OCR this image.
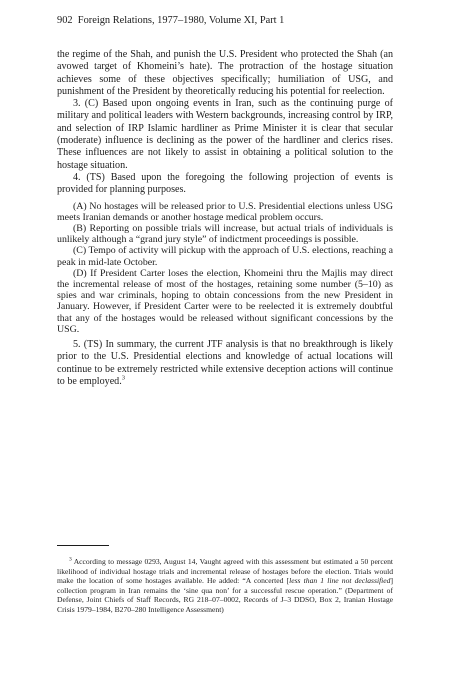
902 Foreign Relations, 1977–1980, Volume XI, Part 1

the regime of the Shah, and punish the U.S. President who protected the Shah (an avowed target of Khomeini’s hate). The protraction of the hostage situation achieves some of these objectives specifically; humiliation of USG, and punishment of the President by theoretically reducing his potential for reelection.

3. (C) Based upon ongoing events in Iran, such as the continuing purge of military and political leaders with Western backgrounds, increasing control by IRP, and selection of IRP Islamic hardliner as Prime Minister it is clear that secular (moderate) influence is declining as the power of the hardliner and clerics rises. These influences are not likely to assist in obtaining a political solution to the hostage situation.

4. (TS) Based upon the foregoing the following projection of events is provided for planning purposes.

(A) No hostages will be released prior to U.S. Presidential elections unless USG meets Iranian demands or another hostage medical problem occurs.

(B) Reporting on possible trials will increase, but actual trials of individuals is unlikely although a “grand jury style” of indictment proceedings is possible.

(C) Tempo of activity will pickup with the approach of U.S. elections, reaching a peak in mid-late October.

(D) If President Carter loses the election, Khomeini thru the Majlis may direct the incremental release of most of the hostages, retaining some number (5–10) as spies and war criminals, hoping to obtain concessions from the new President in January. However, if President Carter were to be reelected it is extremely doubtful that any of the hostages would be released without significant concessions by the USG.

5. (TS) In summary, the current JTF analysis is that no breakthrough is likely prior to the U.S. Presidential elections and knowledge of actual locations will continue to be extremely restricted while extensive deception actions will continue to be employed.$^3$

$^3$ According to message 0293, August 14, Vaught agreed with this assessment but estimated a 50 percent likelihood of individual hostage trials and incremental release of hostages before the election. Trials would make the location of some hostages available. He added: “A concerted [less than 1 line not declassified] collection program in Iran remains the ‘sine qua non’ for a successful rescue operation.” (Department of Defense, Joint Chiefs of Staff Records, RG 218–07–0002, Records of J–3 DDSO, Box 2, Iranian Hostage Crisis 1979–1984, B270–280 Intelligence Assessment)
